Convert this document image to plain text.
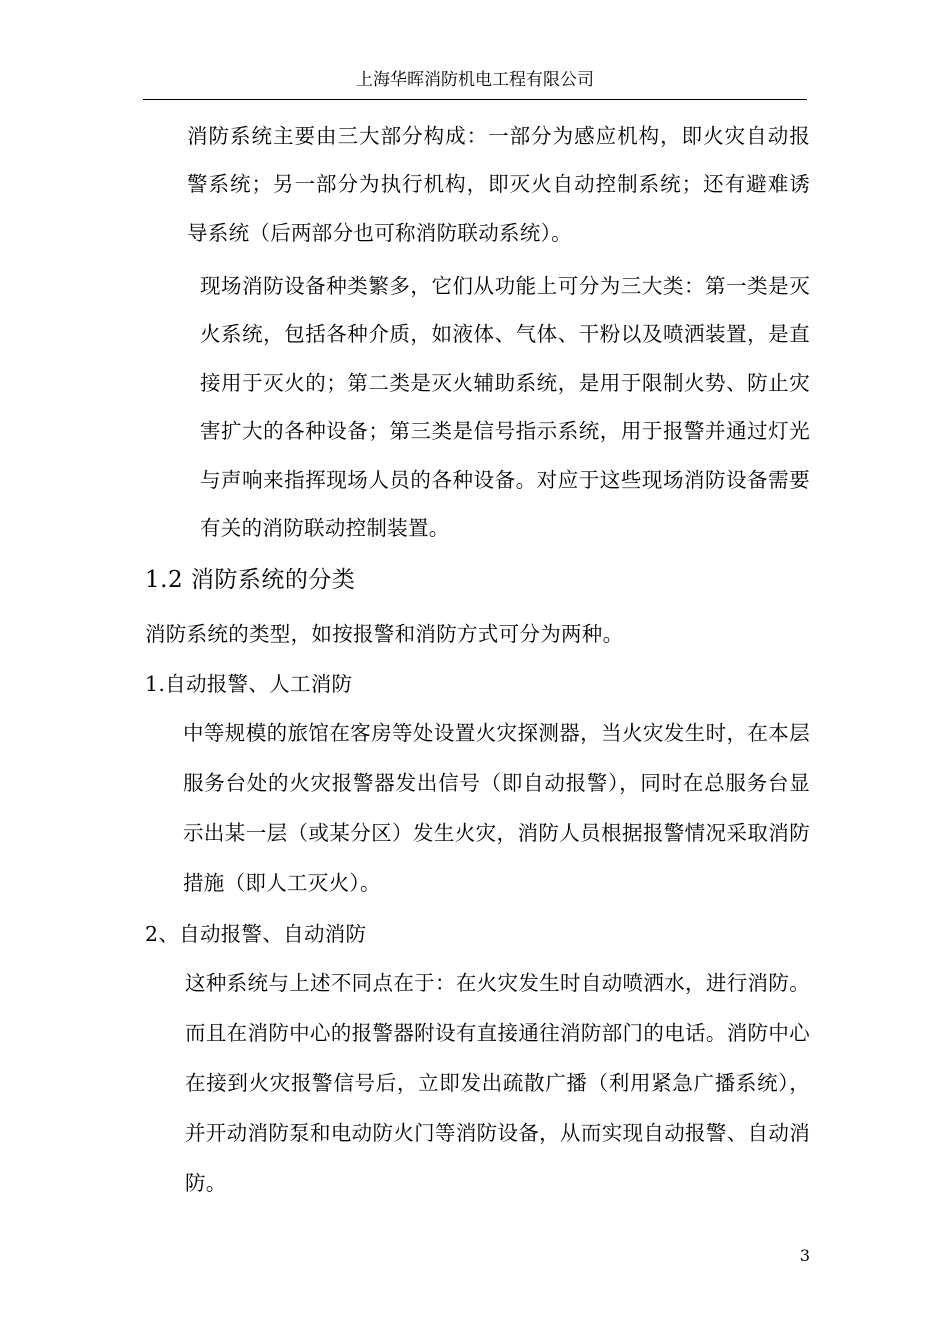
上海华晖消防机电工程有限公司
消防系统主要由三大部分构成：一部分为感应机构，即火灾自动报警系统；另一部分为执行机构，即灭火自动控制系统；还有避难诱导系统（后两部分也可称消防联动系统）。
现场消防设备种类繁多，它们从功能上可分为三大类：第一类是灭火系统，包括各种介质，如液体、气体、干粉以及喷洒装置，是直接用于灭火的；第二类是灭火辅助系统，是用于限制火势、防止灾害扩大的各种设备；第三类是信号指示系统，用于报警并通过灯光与声响来指挥现场人员的各种设备。对应于这些现场消防设备需要有关的消防联动控制装置。
1.2 消防系统的分类
消防系统的类型，如按报警和消防方式可分为两种。
1.自动报警、人工消防
中等规模的旅馆在客房等处设置火灾探测器，当火灾发生时，在本层服务台处的火灾报警器发出信号（即自动报警），同时在总服务台显示出某一层（或某分区）发生火灾，消防人员根据报警情况采取消防措施（即人工灭火）。
2、自动报警、自动消防
这种系统与上述不同点在于：在火灾发生时自动喷洒水，进行消防。而且在消防中心的报警器附设有直接通往消防部门的电话。消防中心在接到火灾报警信号后，立即发出疏散广播（利用紧急广播系统），并开动消防泵和电动防火门等消防设备，从而实现自动报警、自动消防。
3
